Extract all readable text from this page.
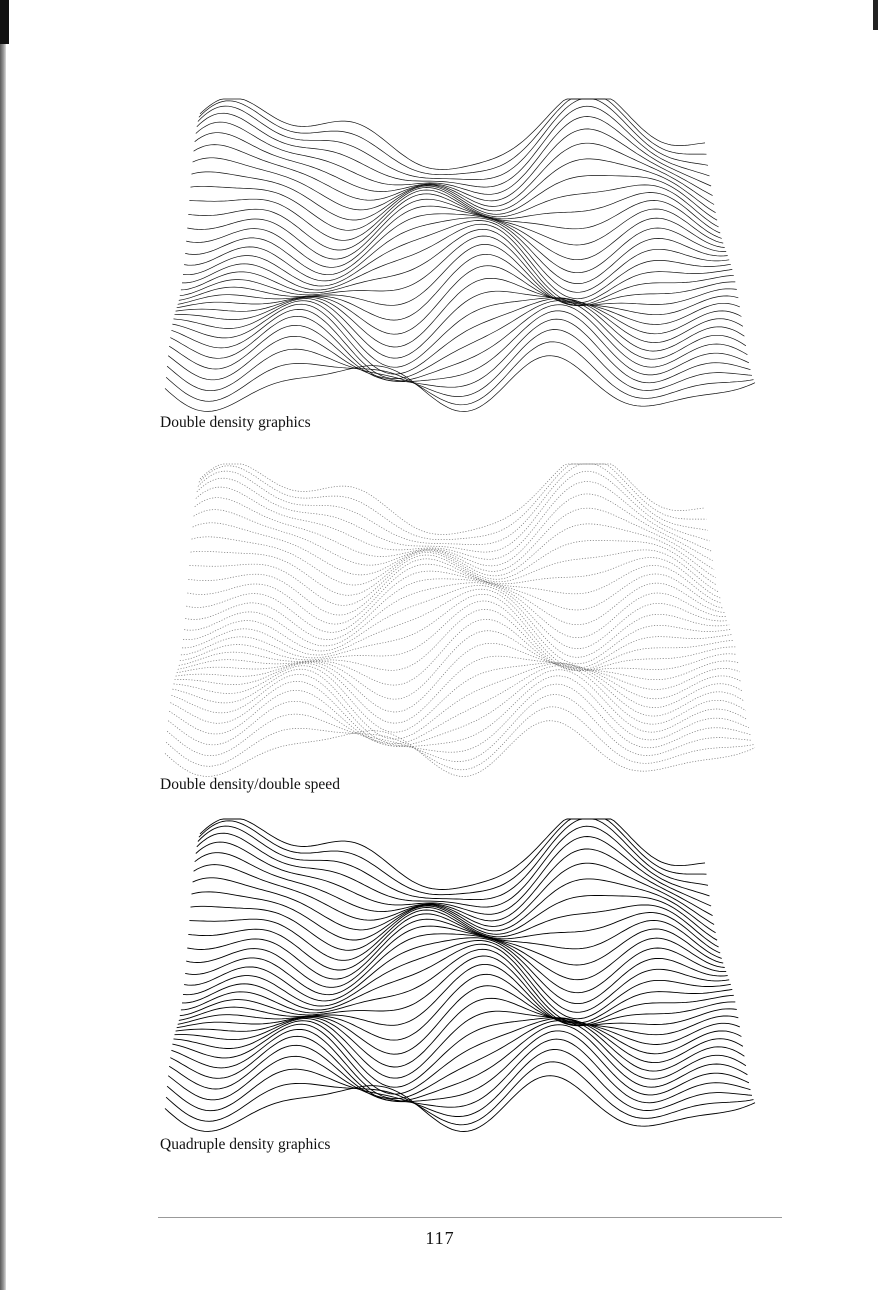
Double density graphics
Double density/double speed
Quadruple density graphics
117
